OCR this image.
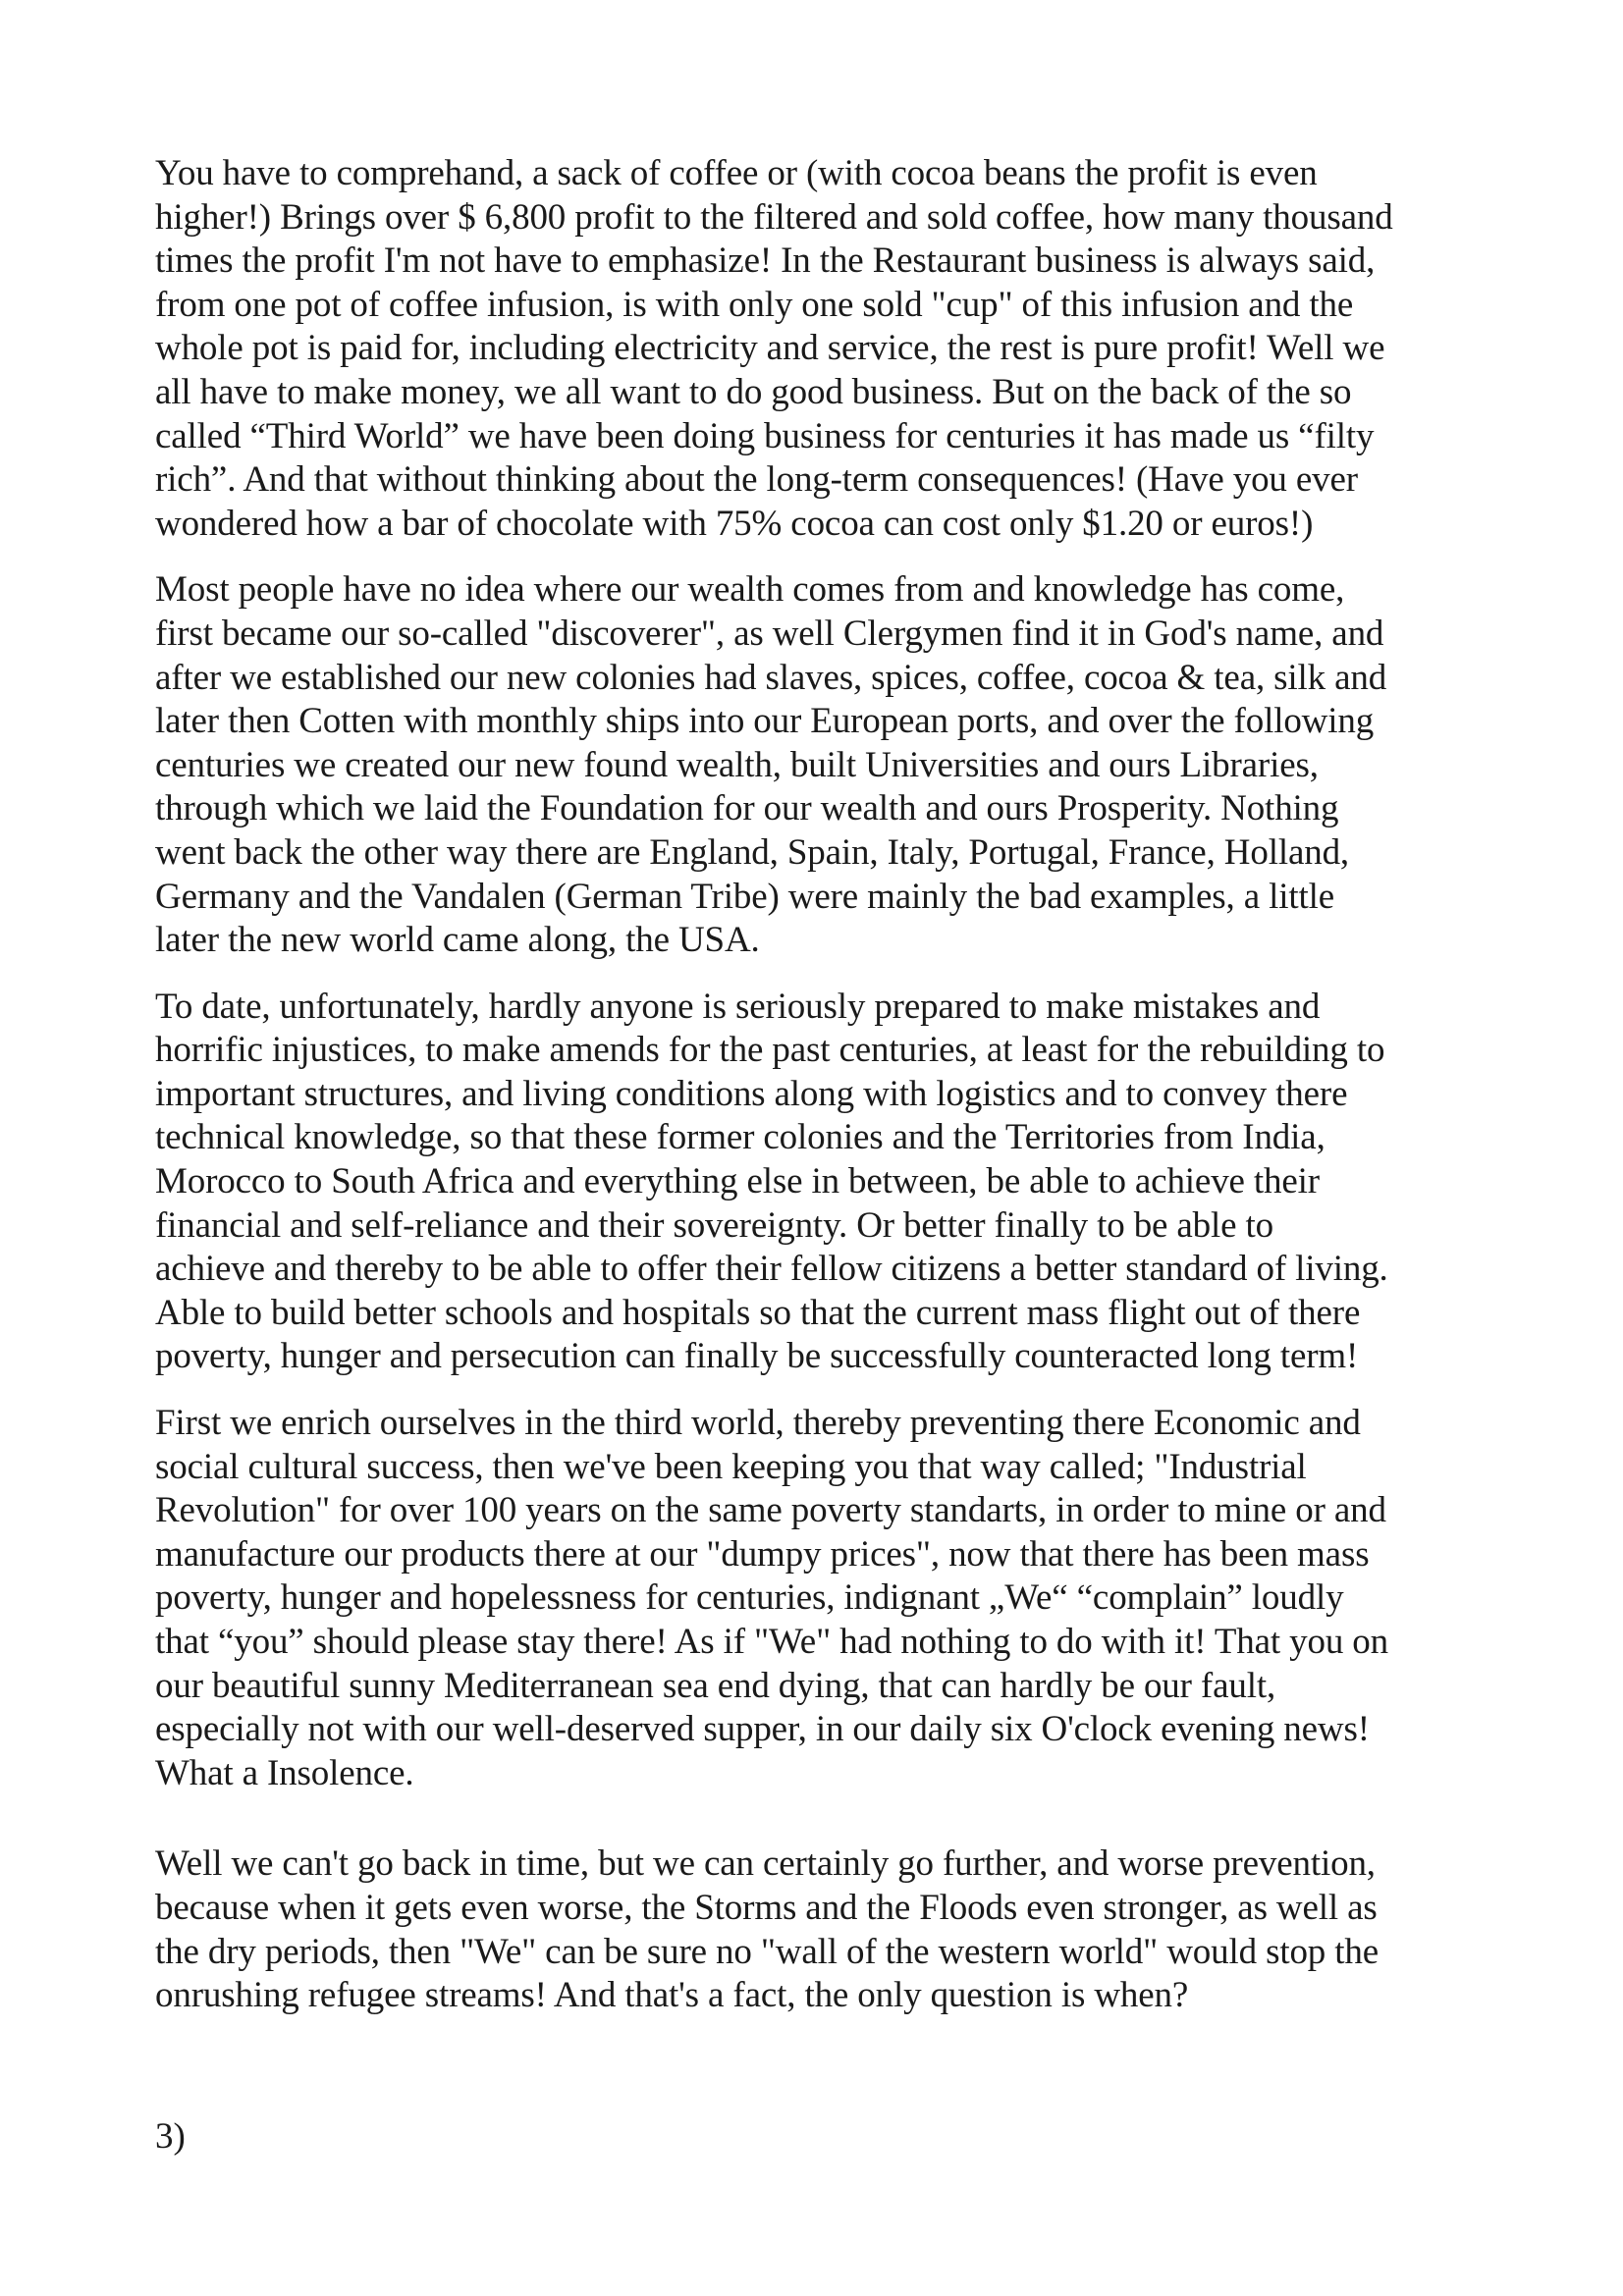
You have to comprehand, a sack of coffee or (with cocoa beans the profit is even
higher!) Brings over $ 6,800 profit to the filtered and sold coffee, how many thousand
times the profit I'm not have to emphasize! In the Restaurant business is always said,
from one pot of coffee infusion, is with only one sold "cup" of this infusion and the
whole pot is paid for, including electricity and service, the rest is pure profit! Well we
all have to make money, we all want to do good business. But on the back of the so
called “Third World” we have been doing business for centuries it has made us “filty
rich”. And that without thinking about the long-term consequences! (Have you ever
wondered how a bar of chocolate with 75% cocoa can cost only $1.20 or euros!)

Most people have no idea where our wealth comes from and knowledge has come,
first became our so-called "discoverer", as well Clergymen find it in God's name, and
after we established our new colonies had slaves, spices, coffee, cocoa & tea, silk and
later then Cotten with monthly ships into our European ports, and over the following
centuries we created our new found wealth, built Universities and ours Libraries,
through which we laid the Foundation for our wealth and ours Prosperity. Nothing
went back the other way there are England, Spain, Italy, Portugal, France, Holland,
Germany and the Vandalen (German Tribe) were mainly the bad examples, a little
later the new world came along, the USA.

To date, unfortunately, hardly anyone is seriously prepared to make mistakes and
horrific injustices, to make amends for the past centuries, at least for the rebuilding to
important structures, and living conditions along with logistics and to convey there
technical knowledge, so that these former colonies and the Territories from India,
Morocco to South Africa and everything else in between, be able to achieve their
financial and self-reliance and their sovereignty. Or better finally to be able to
achieve and thereby to be able to offer their fellow citizens a better standard of living.
Able to build better schools and hospitals so that the current mass flight out of there
poverty, hunger and persecution can finally be successfully counteracted long term!

First we enrich ourselves in the third world, thereby preventing there Economic and
social cultural success, then we've been keeping you that way called; "Industrial
Revolution" for over 100 years on the same poverty standarts, in order to mine or and
manufacture our products there at our "dumpy prices", now that there has been mass
poverty, hunger and hopelessness for centuries, indignant „We“ “complain” loudly
that “you” should please stay there! As if "We" had nothing to do with it! That you on
our beautiful sunny Mediterranean sea end dying, that can hardly be our fault,
especially not with our well-deserved supper, in our daily six O'clock evening news!
What a Insolence.

Well we can't go back in time, but we can certainly go further, and worse prevention,
because when it gets even worse, the Storms and the Floods even stronger, as well as
the dry periods, then "We" can be sure no "wall of the western world" would stop the
onrushing refugee streams! And that's a fact, the only question is when?

3)
